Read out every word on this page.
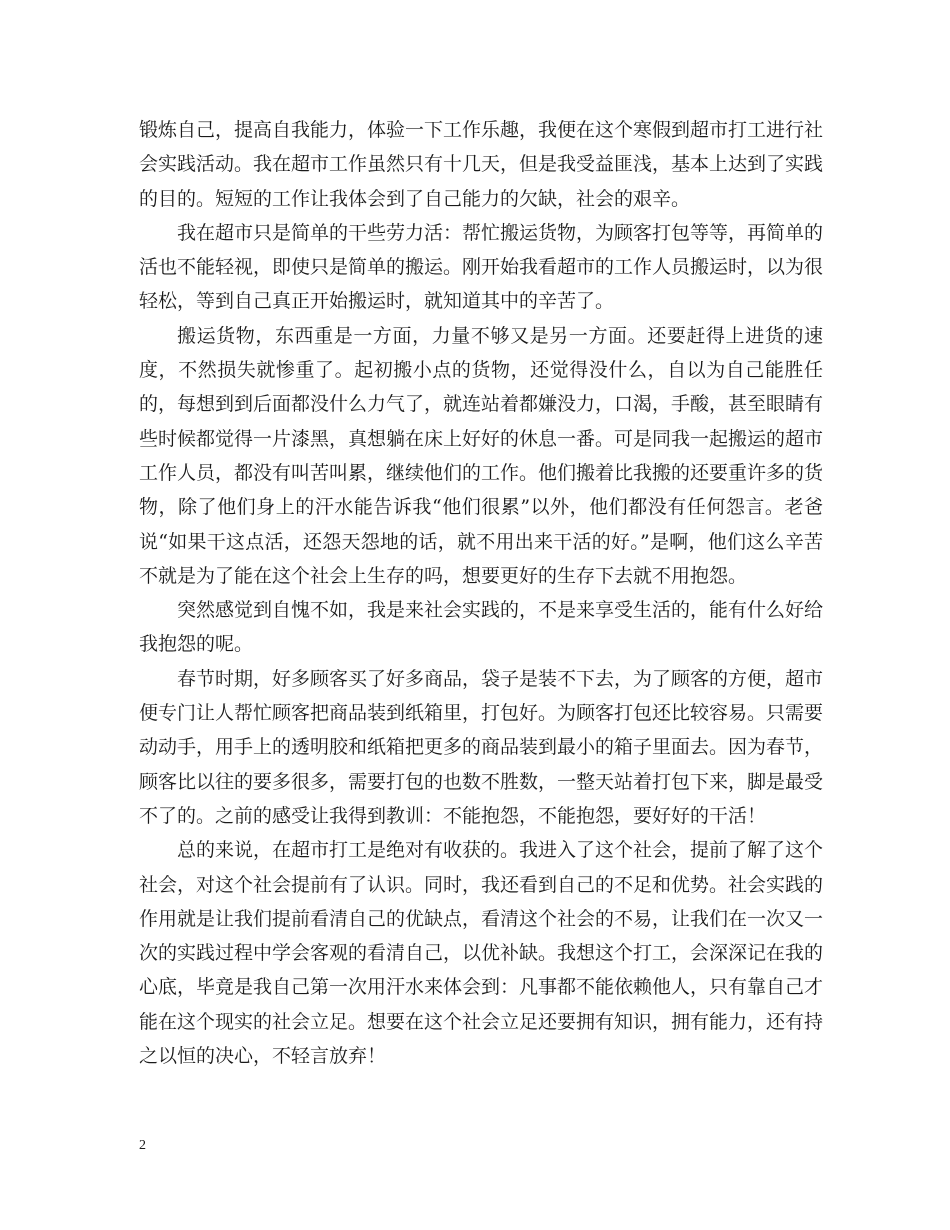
锻炼自己，提高自我能力，体验一下工作乐趣，我便在这个寒假到超市打工进行社会实践活动。我在超市工作虽然只有十几天，但是我受益匪浅，基本上达到了实践的目的。短短的工作让我体会到了自己能力的欠缺，社会的艰辛。

我在超市只是简单的干些劳力活：帮忙搬运货物，为顾客打包等等，再简单的活也不能轻视，即使只是简单的搬运。刚开始我看超市的工作人员搬运时，以为很轻松，等到自己真正开始搬运时，就知道其中的辛苦了。

搬运货物，东西重是一方面，力量不够又是另一方面。还要赶得上进货的速度，不然损失就惨重了。起初搬小点的货物，还觉得没什么，自以为自己能胜任的，每想到到后面都没什么力气了，就连站着都嫌没力，口渴，手酸，甚至眼睛有些时候都觉得一片漆黑，真想躺在床上好好的休息一番。可是同我一起搬运的超市工作人员，都没有叫苦叫累，继续他们的工作。他们搬着比我搬的还要重许多的货物，除了他们身上的汗水能告诉我“他们很累”以外，他们都没有任何怨言。老爸说“如果干这点活，还怨天怨地的话，就不用出来干活的好。”是啊，他们这么辛苦不就是为了能在这个社会上生存的吗，想要更好的生存下去就不用抱怨。

突然感觉到自愧不如，我是来社会实践的，不是来享受生活的，能有什么好给我抱怨的呢。

春节时期，好多顾客买了好多商品，袋子是装不下去，为了顾客的方便，超市便专门让人帮忙顾客把商品装到纸箱里，打包好。为顾客打包还比较容易。只需要动动手，用手上的透明胶和纸箱把更多的商品装到最小的箱子里面去。因为春节，顾客比以往的要多很多，需要打包的也数不胜数，一整天站着打包下来，脚是最受不了的。之前的感受让我得到教训：不能抱怨，不能抱怨，要好好的干活！

总的来说，在超市打工是绝对有收获的。我进入了这个社会，提前了解了这个社会，对这个社会提前有了认识。同时，我还看到自己的不足和优势。社会实践的作用就是让我们提前看清自己的优缺点，看清这个社会的不易，让我们在一次又一次的实践过程中学会客观的看清自己，以优补缺。我想这个打工，会深深记在我的心底，毕竟是我自己第一次用汗水来体会到：凡事都不能依赖他人，只有靠自己才能在这个现实的社会立足。想要在这个社会立足还要拥有知识，拥有能力，还有持之以恒的决心，不轻言放弃！

2
